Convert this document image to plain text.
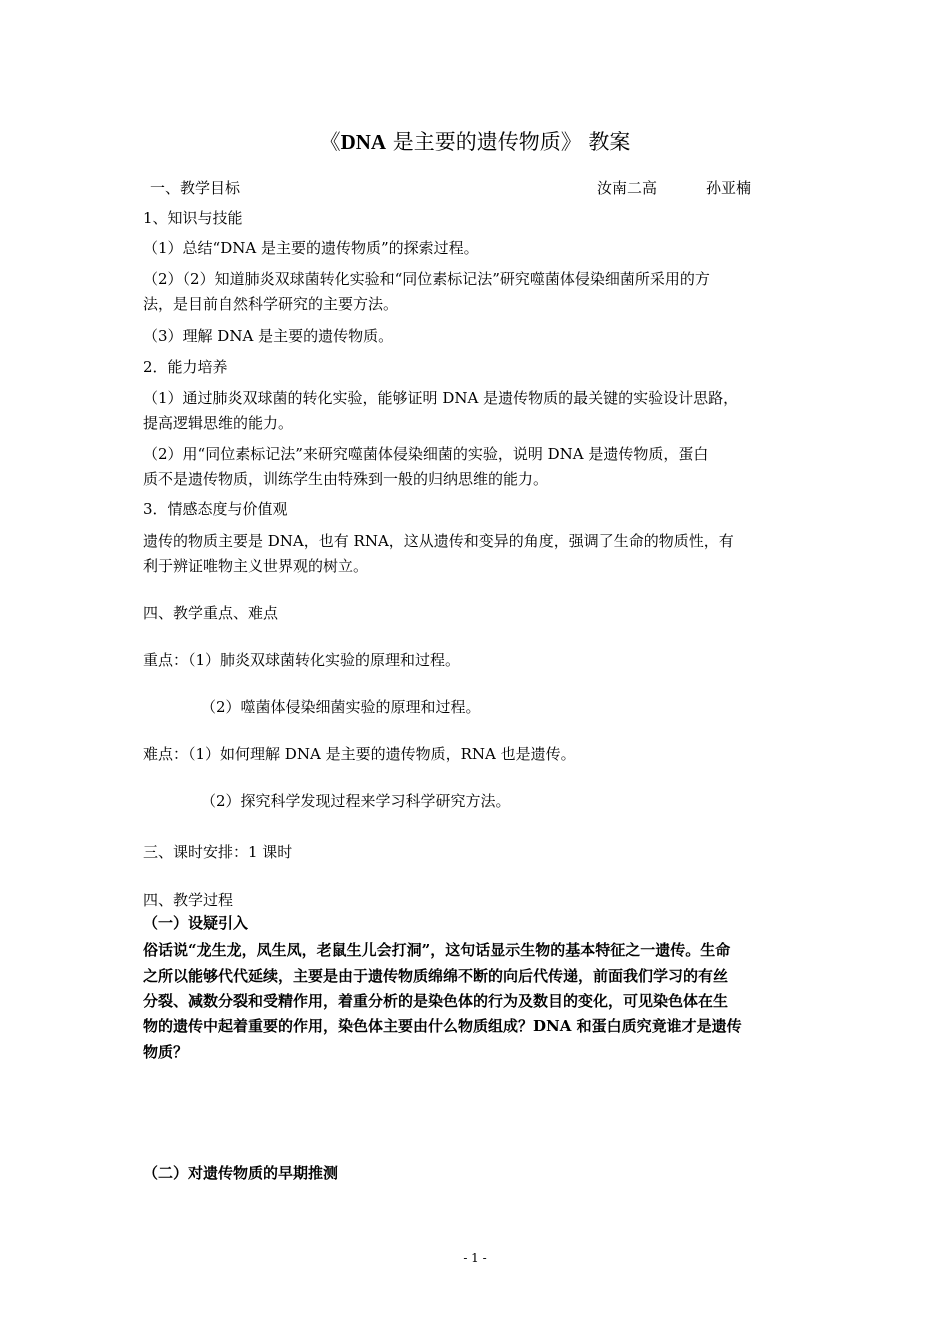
《DNA 是主要的遗传物质》 教案
一、教学目标	汝南二高	孙亚楠
1、知识与技能
（1）总结“DNA 是主要的遗传物质”的探索过程。
（2）（2）知道肺炎双球菌转化实验和“同位素标记法”研究噬菌体侵染细菌所采用的方
法，是目前自然科学研究的主要方法。
（3）理解 DNA 是主要的遗传物质。
2．能力培养
（1）通过肺炎双球菌的转化实验，能够证明 DNA 是遗传物质的最关键的实验设计思路，
提高逻辑思维的能力。
（2）用“同位素标记法”来研究噬菌体侵染细菌的实验，说明 DNA 是遗传物质，蛋白
质不是遗传物质，训练学生由特殊到一般的归纳思维的能力。
3．情感态度与价值观
遗传的物质主要是 DNA，也有 RNA，这从遗传和变异的角度，强调了生命的物质性，有
利于辨证唯物主义世界观的树立。
四、教学重点、难点
重点：（1）肺炎双球菌转化实验的原理和过程。
（2）噬菌体侵染细菌实验的原理和过程。
难点：（1）如何理解 DNA 是主要的遗传物质，RNA 也是遗传。
（2）探究科学发现过程来学习科学研究方法。
三、课时安排：1 课时
四、教学过程
（一）设疑引入
俗话说“龙生龙，凤生凤，老鼠生儿会打洞”，这句话显示生物的基本特征之一遗传。生命
之所以能够代代延续，主要是由于遗传物质绵绵不断的向后代传递，前面我们学习的有丝
分裂、减数分裂和受精作用，着重分析的是染色体的行为及数目的变化，可见染色体在生
物的遗传中起着重要的作用，染色体主要由什么物质组成？DNA 和蛋白质究竟谁才是遗传
物质？
（二）对遗传物质的早期推测
- 1 -
